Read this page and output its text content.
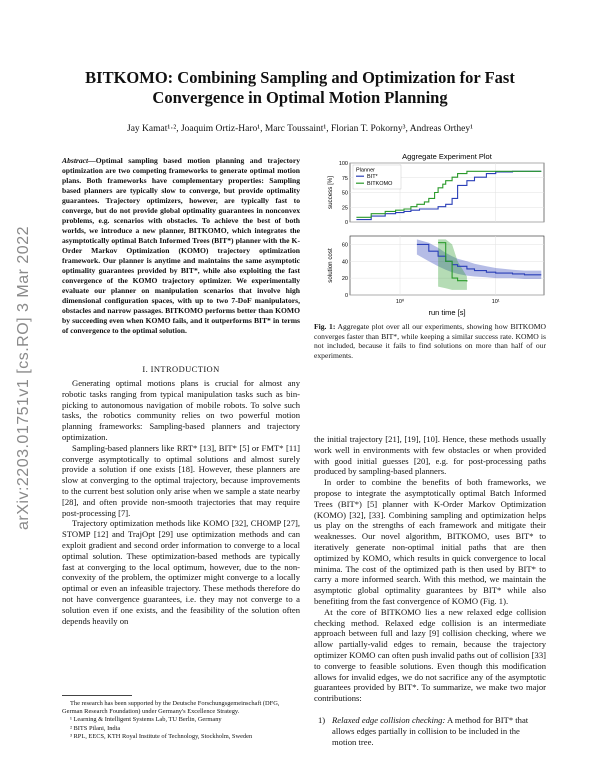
arXiv:2203.01751v1 [cs.RO] 3 Mar 2022
BITKOMO: Combining Sampling and Optimization for Fast
Convergence in Optimal Motion Planning
Jay Kamat¹·², Joaquim Ortiz-Haro¹, Marc Toussaint¹, Florian T. Pokorny³, Andreas Orthey¹
Abstract—Optimal sampling based motion planning and trajectory optimization are two competing frameworks to generate optimal motion plans. Both frameworks have complementary properties: Sampling based planners are typically slow to converge, but provide optimality guarantees. Trajectory optimizers, however, are typically fast to converge, but do not provide global optimality guarantees in nonconvex problems, e.g. scenarios with obstacles. To achieve the best of both worlds, we introduce a new planner, BITKOMO, which integrates the asymptotically optimal Batch Informed Trees (BIT*) planner with the K-Order Markov Optimization (KOMO) trajectory optimization framework. Our planner is anytime and maintains the same asymptotic optimality guarantees provided by BIT*, while also exploiting the fast convergence of the KOMO trajectory optimizer. We experimentally evaluate our planner on manipulation scenarios that involve high dimensional configuration spaces, with up to two 7-DoF manipulators, obstacles and narrow passages. BITKOMO performs better than KOMO by succeeding even when KOMO fails, and it outperforms BIT* in terms of convergence to the optimal solution.
I. INTRODUCTION

Generating optimal motions plans is crucial for almost any robotic tasks ranging from typical manipulation tasks such as bin-picking to autonomous navigation of mobile robots. To solve such tasks, the robotics community relies on two powerful motion planning frameworks: Sampling-based planners and trajectory optimization.

Sampling-based planners like RRT* [13], BIT* [5] or FMT* [11] converge asymptotically to optimal solutions and almost surely provide a solution if one exists [18]. However, these planners are slow at converging to the optimal trajectory, because improvements to the current best solution only arise when we sample a state nearby [28], and often provide non-smooth trajectories that may require post-processing [7].

Trajectory optimization methods like KOMO [32], CHOMP [27], STOMP [12] and TrajOpt [29] use optimization methods and can exploit gradient and second order information to converge to a local optimal solution. These optimization-based methods are typically fast at converging to the local optimum, however, due to the non-convexity of the problem, the optimizer might converge to a locally optimal or even an infeasible trajectory. These methods therefore do not have convergence guarantees, i.e. they may not converge to a solution even if one exists, and the feasibility of the solution often depends heavily on

The research has been supported by the Deutsche Forschungsgemeinschaft (DFG, German Research Foundation) under Germany's Excellence Strategy.
¹ Learning & Intelligent Systems Lab, TU Berlin, Germany
² BITS Pilani, India
³ RPL, EECS, KTH Royal Institute of Technology, Stockholm, Sweden
Aggregate Experiment Plot
0
25
50
75
100
success [%]
Planner
BIT*
BITKOMO
0
20
40
60
solution cost
10⁰	10¹
run time [s]
Fig. 1: Aggregate plot over all our experiments, showing how BITKOMO converges faster than BIT*, while keeping a similar success rate. KOMO is not included, because it fails to find solutions on more than half of our experiments.

the initial trajectory [21], [19], [10]. Hence, these methods usually work well in environments with few obstacles or when provided with good initial guesses [20], e.g. for post-processing paths produced by sampling-based planners.

In order to combine the benefits of both frameworks, we propose to integrate the asymptotically optimal Batch Informed Trees (BIT*) [5] planner with K-Order Markov Optimization (KOMO) [32], [33]. Combining sampling and optimization helps us play on the strengths of each framework and mitigate their weaknesses. Our novel algorithm, BITKOMO, uses BIT* to iteratively generate non-optimal initial paths that are then optimized by KOMO, which results in quick convergence to local minima. The cost of the optimized path is then used by BIT* to carry a more informed search. With this method, we maintain the asymptotic global optimality guarantees by BIT* while also benefiting from the fast convergence of KOMO (Fig. 1).

At the core of BITKOMO lies a new relaxed edge collision checking method. Relaxed edge collision is an intermediate approach between full and lazy [9] collision checking, where we allow partially-valid edges to remain, because the trajectory optimizer KOMO can often push invalid paths out of collision [33] to converge to feasible solutions. Even though this modification allows for invalid edges, we do not sacrifice any of the asymptotic guarantees provided by BIT*. To summarize, we make two major contributions:

1) Relaxed edge collision checking: A method for BIT* that allows edges partially in collision to be included in the motion tree.
